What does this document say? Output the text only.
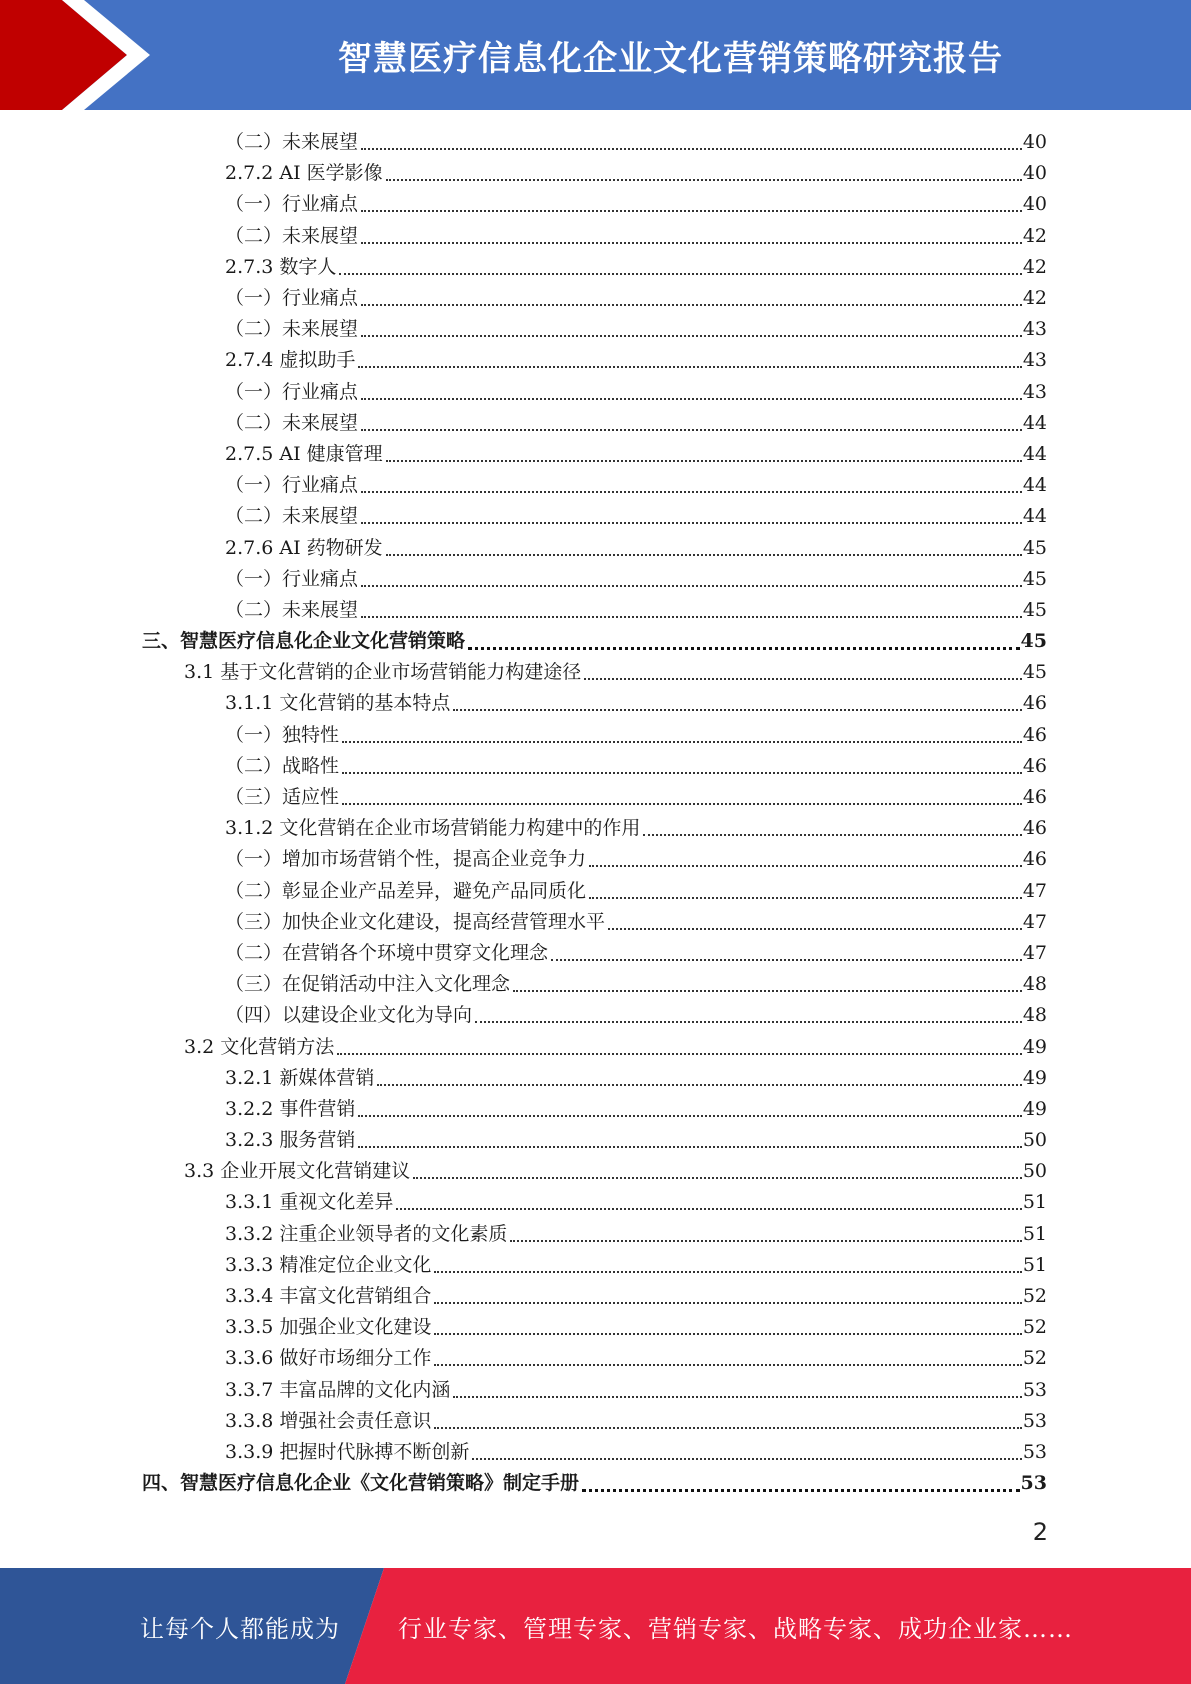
智慧医疗信息化企业文化营销策略研究报告
（二）未来展望	40
2.7.2 AI 医学影像	40
（一）行业痛点	40
（二）未来展望	42
2.7.3 数字人	42
（一）行业痛点	42
（二）未来展望	43
2.7.4 虚拟助手	43
（一）行业痛点	43
（二）未来展望	44
2.7.5 AI 健康管理	44
（一）行业痛点	44
（二）未来展望	44
2.7.6 AI 药物研发	45
（一）行业痛点	45
（二）未来展望	45
三、智慧医疗信息化企业文化营销策略	45
3.1 基于文化营销的企业市场营销能力构建途径	45
3.1.1 文化营销的基本特点	46
（一）独特性	46
（二）战略性	46
（三）适应性	46
3.1.2 文化营销在企业市场营销能力构建中的作用	46
（一）增加市场营销个性，提高企业竞争力	46
（二）彰显企业产品差异，避免产品同质化	47
（三）加快企业文化建设，提高经营管理水平	47
（二）在营销各个环境中贯穿文化理念	47
（三）在促销活动中注入文化理念	48
（四）以建设企业文化为导向	48
3.2 文化营销方法	49
3.2.1 新媒体营销	49
3.2.2 事件营销	49
3.2.3 服务营销	50
3.3 企业开展文化营销建议	50
3.3.1 重视文化差异	51
3.3.2 注重企业领导者的文化素质	51
3.3.3 精准定位企业文化	51
3.3.4 丰富文化营销组合	52
3.3.5 加强企业文化建设	52
3.3.6 做好市场细分工作	52
3.3.7 丰富品牌的文化内涵	53
3.3.8 增强社会责任意识	53
3.3.9 把握时代脉搏不断创新	53
四、智慧医疗信息化企业《文化营销策略》制定手册	53
2
让每个人都能成为 行业专家、管理专家、营销专家、战略专家、成功企业家……
